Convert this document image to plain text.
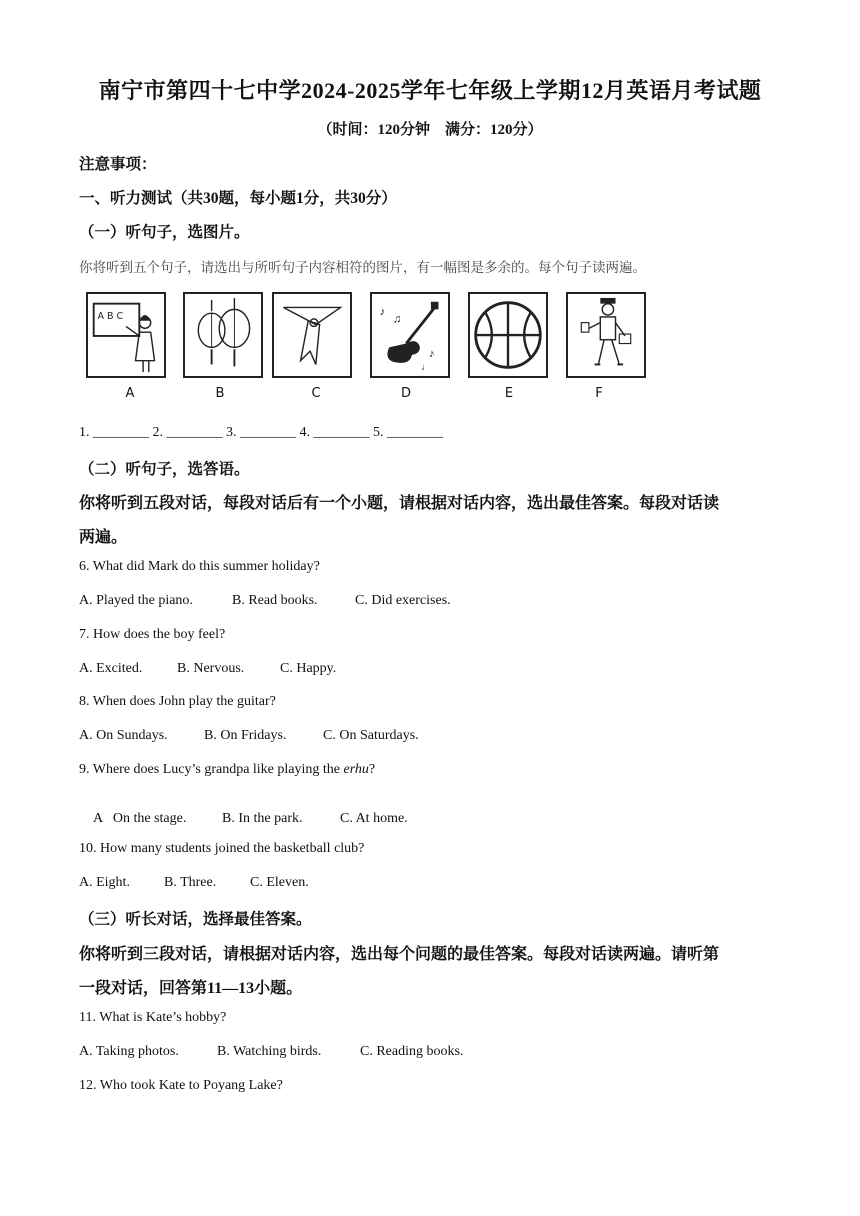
南宁市第四十七中学2024-2025学年七年级上学期12月英语月考试题
（时间：120分钟　满分：120分）
注意事项：
一、听力测试（共30题，每小题1分，共30分）
（一）听句子，选图片。
你将听到五个句子，请选出与所听句子内容相符的图片，有一幅图是多余的。每个句子读两遍。
A B C	♪
♫
♪
♩
A	B	C	D	E	F
1. ________ 2. ________ 3. ________ 4. ________ 5. ________
（二）听句子，选答语。
你将听到五段对话，每段对话后有一个小题，请根据对话内容，选出最佳答案。每段对话读
两遍。
6. What did Mark do this summer holiday?
A. Played the piano.	B. Read books.	C. Did exercises.
7. How does the boy feel?
A. Excited. B. Nervous.	C. Happy.
8. When does John play the guitar?
A. On Sundays.	B. On Fridays.	C. On Saturdays.
9. Where does Lucy’s grandpa like playing the erhu?

A   On the stage.	B. In the park.	C. At home.

10. How many students joined the basketball club?
A. Eight. B. Three. C. Eleven.
（三）听长对话，选择最佳答案。
你将听到三段对话，请根据对话内容，选出每个问题的最佳答案。每段对话读两遍。请听第
一段对话，回答第11—13小题。
11. What is Kate’s hobby?
A. Taking photos.	B. Watching birds.	C. Reading books.
12. Who took Kate to Poyang Lake?
